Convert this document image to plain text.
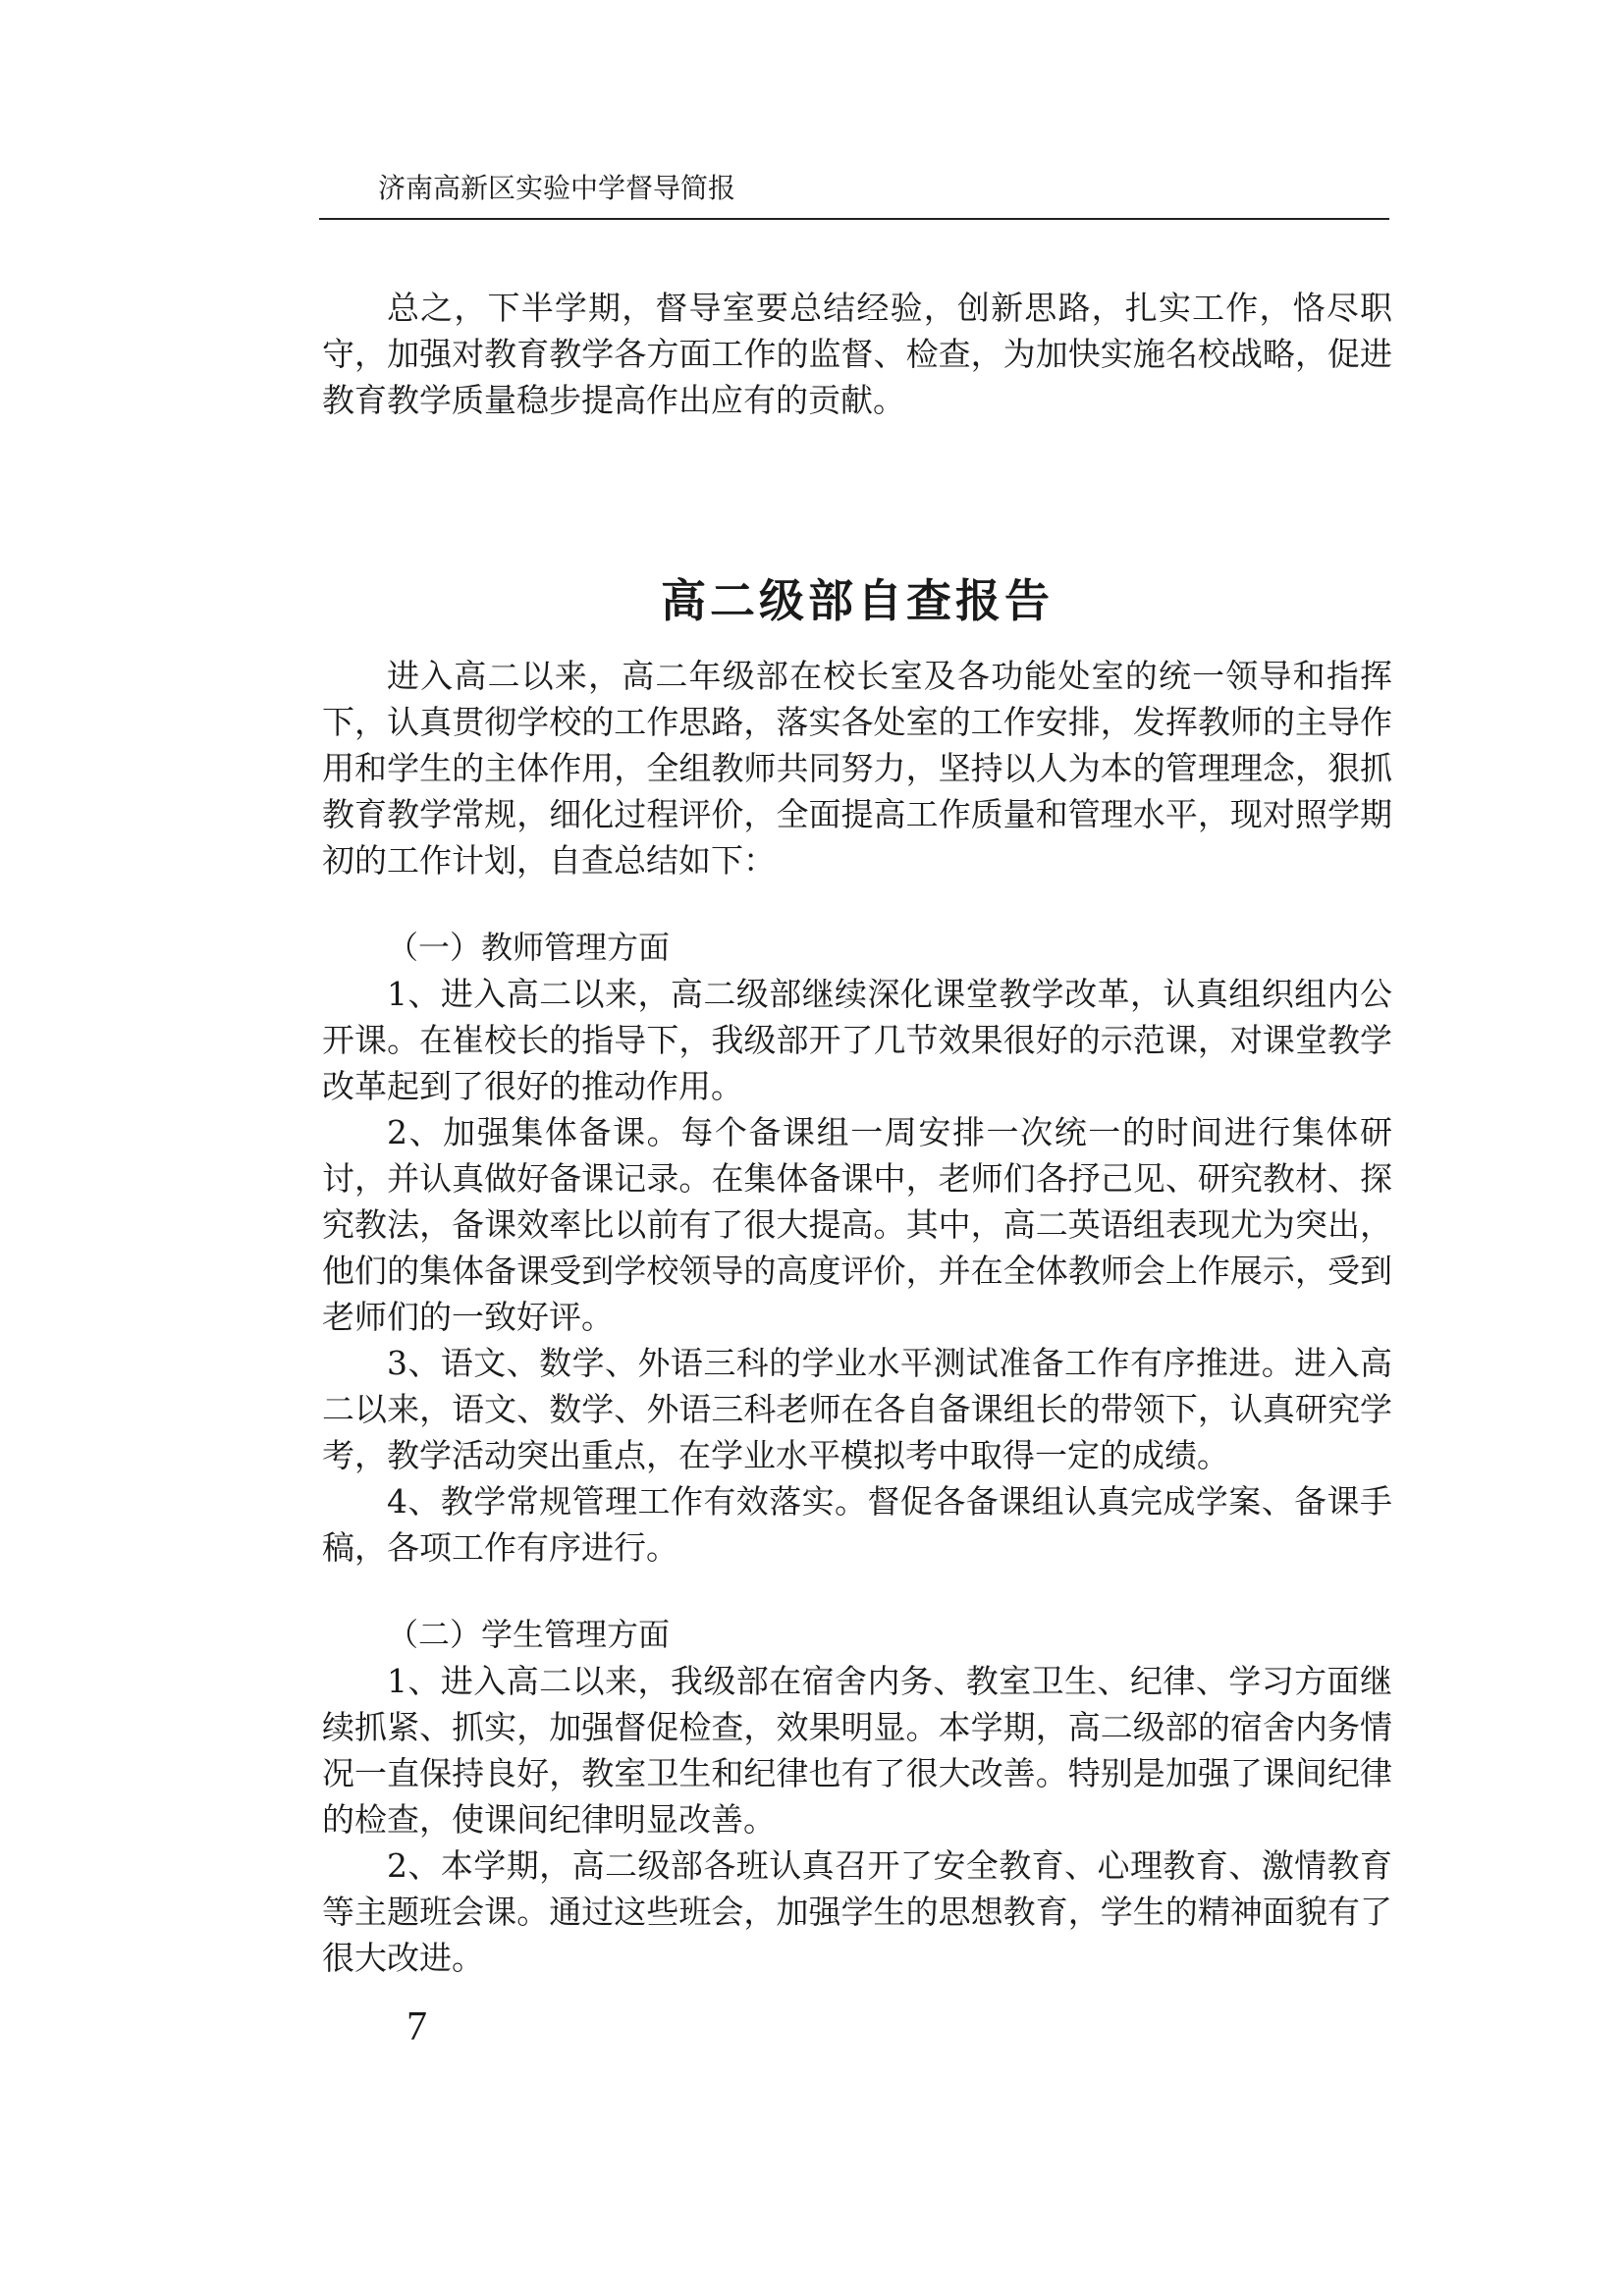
济南高新区实验中学督导简报

总之，下半学期，督导室要总结经验，创新思路，扎实工作，恪尽职守，加强对教育教学各方面工作的监督、检查，为加快实施名校战略，促进教育教学质量稳步提高作出应有的贡献。

高二级部自查报告

进入高二以来，高二年级部在校长室及各功能处室的统一领导和指挥下，认真贯彻学校的工作思路，落实各处室的工作安排，发挥教师的主导作用和学生的主体作用，全组教师共同努力，坚持以人为本的管理理念，狠抓教育教学常规，细化过程评价，全面提高工作质量和管理水平，现对照学期初的工作计划，自查总结如下：

（一）教师管理方面

1、进入高二以来，高二级部继续深化课堂教学改革，认真组织组内公开课。在崔校长的指导下，我级部开了几节效果很好的示范课，对课堂教学改革起到了很好的推动作用。

2、加强集体备课。每个备课组一周安排一次统一的时间进行集体研讨，并认真做好备课记录。在集体备课中，老师们各抒己见、研究教材、探究教法，备课效率比以前有了很大提高。其中，高二英语组表现尤为突出，他们的集体备课受到学校领导的高度评价，并在全体教师会上作展示，受到老师们的一致好评。

3、语文、数学、外语三科的学业水平测试准备工作有序推进。进入高二以来，语文、数学、外语三科老师在各自备课组长的带领下，认真研究学考，教学活动突出重点，在学业水平模拟考中取得一定的成绩。

4、教学常规管理工作有效落实。督促各备课组认真完成学案、备课手稿，各项工作有序进行。

（二）学生管理方面

1、进入高二以来，我级部在宿舍内务、教室卫生、纪律、学习方面继续抓紧、抓实，加强督促检查，效果明显。本学期，高二级部的宿舍内务情况一直保持良好，教室卫生和纪律也有了很大改善。特别是加强了课间纪律的检查，使课间纪律明显改善。

2、本学期，高二级部各班认真召开了安全教育、心理教育、激情教育等主题班会课。通过这些班会，加强学生的思想教育，学生的精神面貌有了很大改进。

7
